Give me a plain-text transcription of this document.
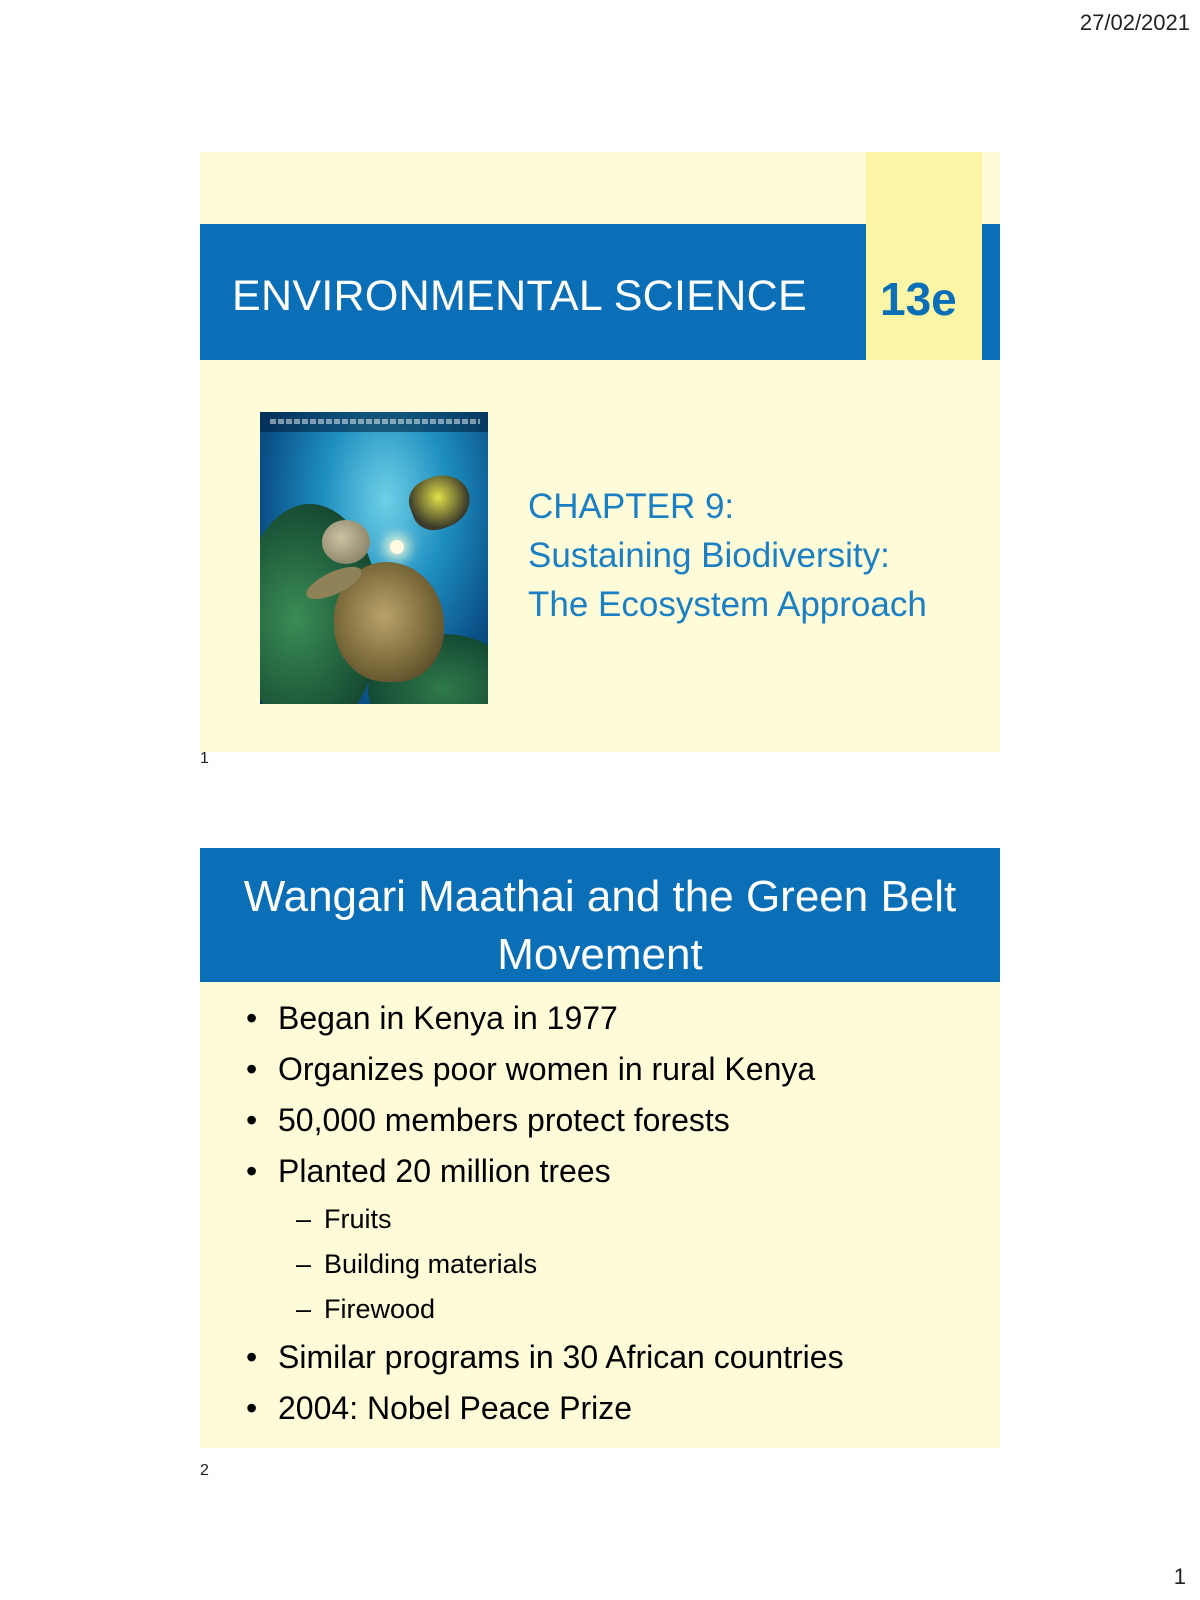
27/02/2021
ENVIRONMENTAL SCIENCE 13e
CHAPTER 9:
Sustaining Biodiversity:
The Ecosystem Approach
1
Wangari Maathai and the Green Belt Movement
• Began in Kenya in 1977
• Organizes poor women in rural Kenya
• 50,000 members protect forests
• Planted 20 million trees
– Fruits
– Building materials
– Firewood
• Similar programs in 30 African countries
• 2004: Nobel Peace Prize
2
1
